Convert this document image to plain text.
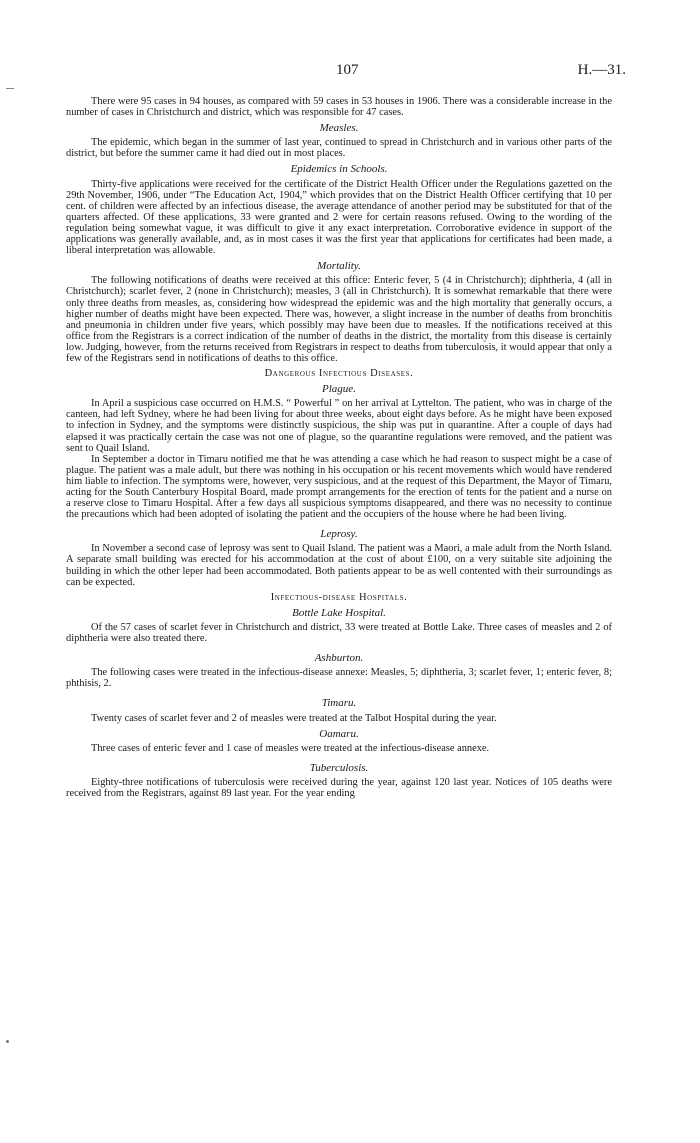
107	H.—31.

There were 95 cases in 94 houses, as compared with 59 cases in 53 houses in 1906. There was a considerable increase in the number of cases in Christchurch and district, which was responsible for 47 cases.

Measles.

The epidemic, which began in the summer of last year, continued to spread in Christchurch and in various other parts of the district, but before the summer came it had died out in most places.

Epidemics in Schools.

Thirty-five applications were received for the certificate of the District Health Officer under the Regulations gazetted on the 29th November, 1906, under “The Education Act, 1904,” which provides that on the District Health Officer certifying that 10 per cent. of children were affected by an infectious disease, the average attendance of another period may be substituted for that of the quarters affected. Of these applications, 33 were granted and 2 were for certain reasons refused. Owing to the wording of the regulation being somewhat vague, it was difficult to give it any exact interpretation. Corroborative evidence in support of the applications was generally available, and, as in most cases it was the first year that applications for certificates had been made, a liberal interpretation was allowable.

Mortality.

The following notifications of deaths were received at this office: Enteric fever, 5 (4 in Christchurch); diphtheria, 4 (all in Christchurch); scarlet fever, 2 (none in Christchurch); measles, 3 (all in Christchurch). It is somewhat remarkable that there were only three deaths from measles, as, considering how widespread the epidemic was and the high mortality that generally occurs, a higher number of deaths might have been expected. There was, however, a slight increase in the number of deaths from bronchitis and pneumonia in children under five years, which possibly may have been due to measles. If the notifications received at this office from the Registrars is a correct indication of the number of deaths in the district, the mortality from this disease is certainly low. Judging, however, from the returns received from Registrars in respect to deaths from tuberculosis, it would appear that only a few of the Registrars send in notifications of deaths to this office.

Dangerous Infectious Diseases.
Plague.

In April a suspicious case occurred on H.M.S. “ Powerful ” on her arrival at Lyttelton. The patient, who was in charge of the canteen, had left Sydney, where he had been living for about three weeks, about eight days before. As he might have been exposed to infection in Sydney, and the symptoms were distinctly suspicious, the ship was put in quarantine. After a couple of days had elapsed it was practically certain the case was not one of plague, so the quarantine regulations were removed, and the patient was sent to Quail Island.

In September a doctor in Timaru notified me that he was attending a case which he had reason to suspect might be a case of plague. The patient was a male adult, but there was nothing in his occupation or his recent movements which would have rendered him liable to infection. The symptoms were, however, very suspicious, and at the request of this Department, the Mayor of Timaru, acting for the South Canterbury Hospital Board, made prompt arrangements for the erection of tents for the patient and a nurse on a reserve close to Timaru Hospital. After a few days all suspicious symptoms disappeared, and there was no necessity to continue the precautions which had been adopted of isolating the patient and the occupiers of the house where he had been living.

Leprosy.

In November a second case of leprosy was sent to Quail Island. The patient was a Maori, a male adult from the North Island. A separate small building was erected for his accommodation at the cost of about £100, on a very suitable site adjoining the building in which the other leper had been accommodated. Both patients appear to be as well contented with their surroundings as can be expected.

Infectious-disease Hospitals.
Bottle Lake Hospital.

Of the 57 cases of scarlet fever in Christchurch and district, 33 were treated at Bottle Lake. Three cases of measles and 2 of diphtheria were also treated there.

Ashburton.

The following cases were treated in the infectious-disease annexe: Measles, 5; diphtheria, 3; scarlet fever, 1; enteric fever, 8; phthisis, 2.

Timaru.

Twenty cases of scarlet fever and 2 of measles were treated at the Talbot Hospital during the year.

Oamaru.

Three cases of enteric fever and 1 case of measles were treated at the infectious-disease annexe.

Tuberculosis.

Eighty-three notifications of tuberculosis were received during the year, against 120 last year. Notices of 105 deaths were received from the Registrars, against 89 last year. For the year ending
